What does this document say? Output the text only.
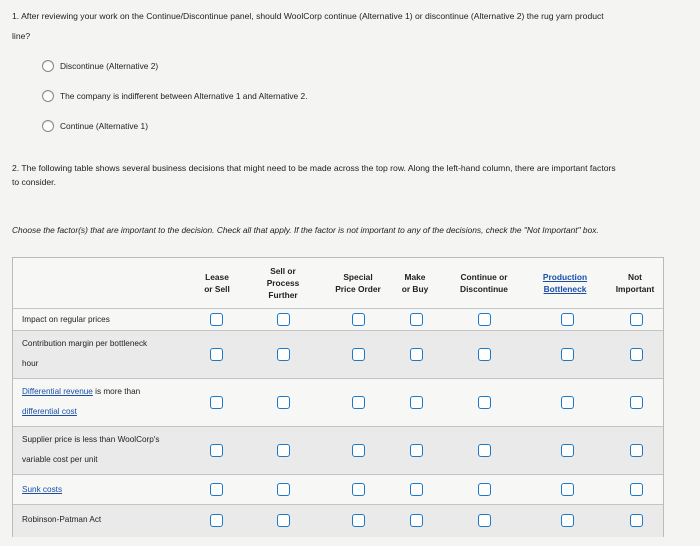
1. After reviewing your work on the Continue/Discontinue panel, should WoolCorp continue (Alternative 1) or discontinue (Alternative 2) the rug yarn product
line?
Discontinue (Alternative 2)
The company is indifferent between Alternative 1 and Alternative 2.
Continue (Alternative 1)
2. The following table shows several business decisions that might need to be made across the top row. Along the left-hand column, there are important factors
to consider.
Choose the factor(s) that are important to the decision. Check all that apply. If the factor is not important to any of the decisions, check the "Not Important" box.
Lease
or Sell
Sell or
Process
Further
Special
Price Order
Make
or Buy
Continue or
Discontinue
Production
Bottleneck
Not
Important
Impact on regular prices
Contribution margin per bottleneck
hour
Differential revenue is more than
differential cost
Supplier price is less than WoolCorp's
variable cost per unit
Sunk costs
Robinson-Patman Act
